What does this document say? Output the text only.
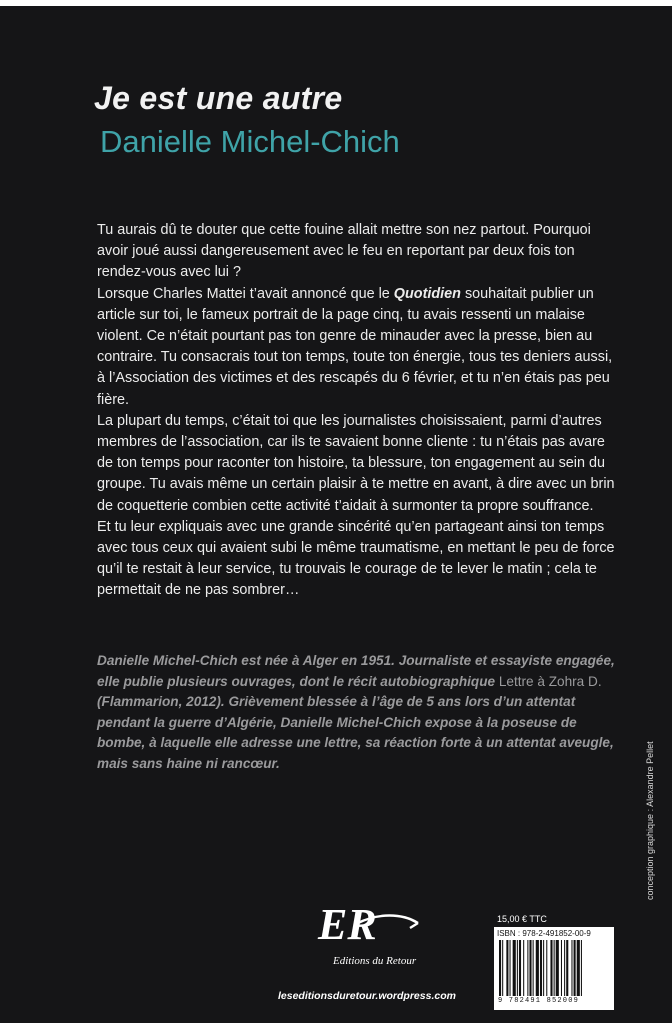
Je est une autre
Danielle Michel-Chich

Tu aurais dû te douter que cette fouine allait mettre son nez partout. Pourquoi avoir joué aussi dangereusement avec le feu en reportant par deux fois ton rendez-vous avec lui ?

Lorsque Charles Mattei t’avait annoncé que le Quotidien souhaitait publier un article sur toi, le fameux portrait de la page cinq, tu avais ressenti un malaise violent. Ce n’était pourtant pas ton genre de minauder avec la presse, bien au contraire. Tu consacrais tout ton temps, toute ton énergie, tous tes deniers aussi, à l’Association des victimes et des rescapés du 6 février, et tu n’en étais pas peu fière.

La plupart du temps, c’était toi que les journalistes choisissaient, parmi d’autres membres de l’association, car ils te savaient bonne cliente : tu n’étais pas avare de ton temps pour raconter ton histoire, ta blessure, ton engagement au sein du groupe. Tu avais même un certain plaisir à te mettre en avant, à dire avec un brin de coquetterie combien cette activité t’aidait à surmonter ta propre souffrance.

Et tu leur expliquais avec une grande sincérité qu’en partageant ainsi ton temps avec tous ceux qui avaient subi le même traumatisme, en mettant le peu de force qu’il te restait à leur service, tu trouvais le courage de te lever le matin ; cela te permettait de ne pas sombrer…

Danielle Michel-Chich est née à Alger en 1951. Journaliste et essayiste engagée, elle publie plusieurs ouvrages, dont le récit autobiographique Lettre à Zohra D. (Flammarion, 2012). Grièvement blessée à l’âge de 5 ans lors d’un attentat pendant la guerre d’Algérie, Danielle Michel-Chich expose à la poseuse de bombe, à laquelle elle adresse une lettre, sa réaction forte à un attentat aveugle, mais sans haine ni rancœur.	conception graphique : Alexandre Pellet
ER
Editions du Retour
leseditionsduretour.wordpress.com
15,00 € TTC
ISBN : 978-2-491852-00-9
9 782491 852009
